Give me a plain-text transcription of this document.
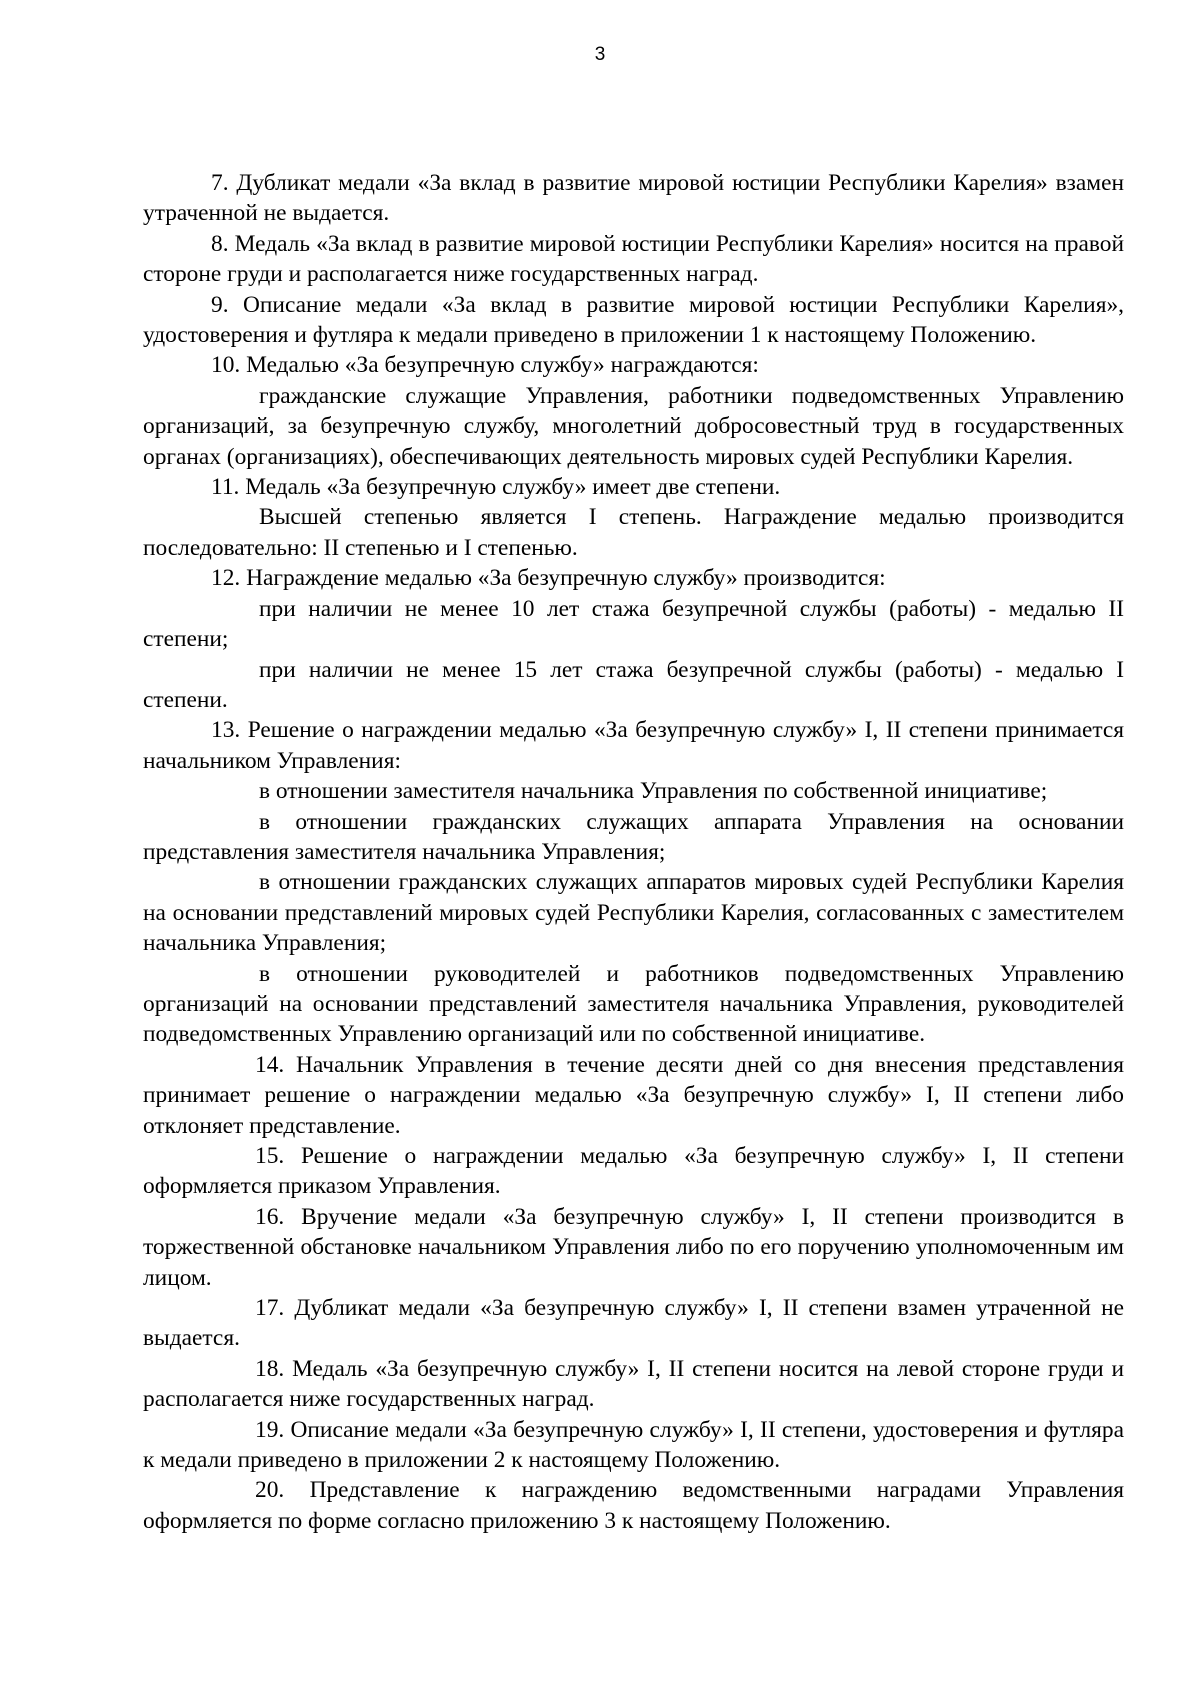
3

7. Дубликат медали «За вклад в развитие мировой юстиции Республики Карелия» взамен утраченной не выдается.

8. Медаль «За вклад в развитие мировой юстиции Республики Карелия» носится на правой стороне груди и располагается ниже государственных наград.

9. Описание медали «За вклад в развитие мировой юстиции Республики Карелия», удостоверения и футляра к медали приведено в приложении 1 к настоящему Положению.

10. Медалью «За безупречную службу» награждаются:

гражданские служащие Управления, работники подведомственных Управлению организаций, за безупречную службу, многолетний добросовестный труд в государственных органах (организациях), обеспечивающих деятельность мировых судей Республики Карелия.

11. Медаль «За безупречную службу» имеет две степени.

Высшей степенью является I степень. Награждение медалью производится последовательно: II степенью и I степенью.

12. Награждение медалью «За безупречную службу» производится:

при наличии не менее 10 лет стажа безупречной службы (работы) - медалью II степени;

при наличии не менее 15 лет стажа безупречной службы (работы) - медалью I степени.

13. Решение о награждении медалью «За безупречную службу» I, II степени принимается начальником Управления:

в отношении заместителя начальника Управления по собственной инициативе;

в отношении гражданских служащих аппарата Управления на основании представления заместителя начальника Управления;

в отношении гражданских служащих аппаратов мировых судей Республики Карелия на основании представлений мировых судей Республики Карелия, согласованных с заместителем начальника Управления;

в отношении руководителей и работников подведомственных Управлению организаций на основании представлений заместителя начальника Управления, руководителей подведомственных Управлению организаций или по собственной инициативе.

14. Начальник Управления в течение десяти дней со дня внесения представления принимает решение о награждении медалью «За безупречную службу» I, II степени либо отклоняет представление.

15. Решение о награждении медалью «За безупречную службу» I, II степени оформляется приказом Управления.

16. Вручение медали «За безупречную службу» I, II степени производится в торжественной обстановке начальником Управления либо по его поручению уполномоченным им лицом.

17. Дубликат медали «За безупречную службу» I, II степени взамен утраченной не выдается.

18. Медаль «За безупречную службу» I, II степени носится на левой стороне груди и располагается ниже государственных наград.

19. Описание медали «За безупречную службу» I, II степени, удостоверения и футляра к медали приведено в приложении 2 к настоящему Положению.

20. Представление к награждению ведомственными наградами Управления оформляется по форме согласно приложению 3 к настоящему Положению.
